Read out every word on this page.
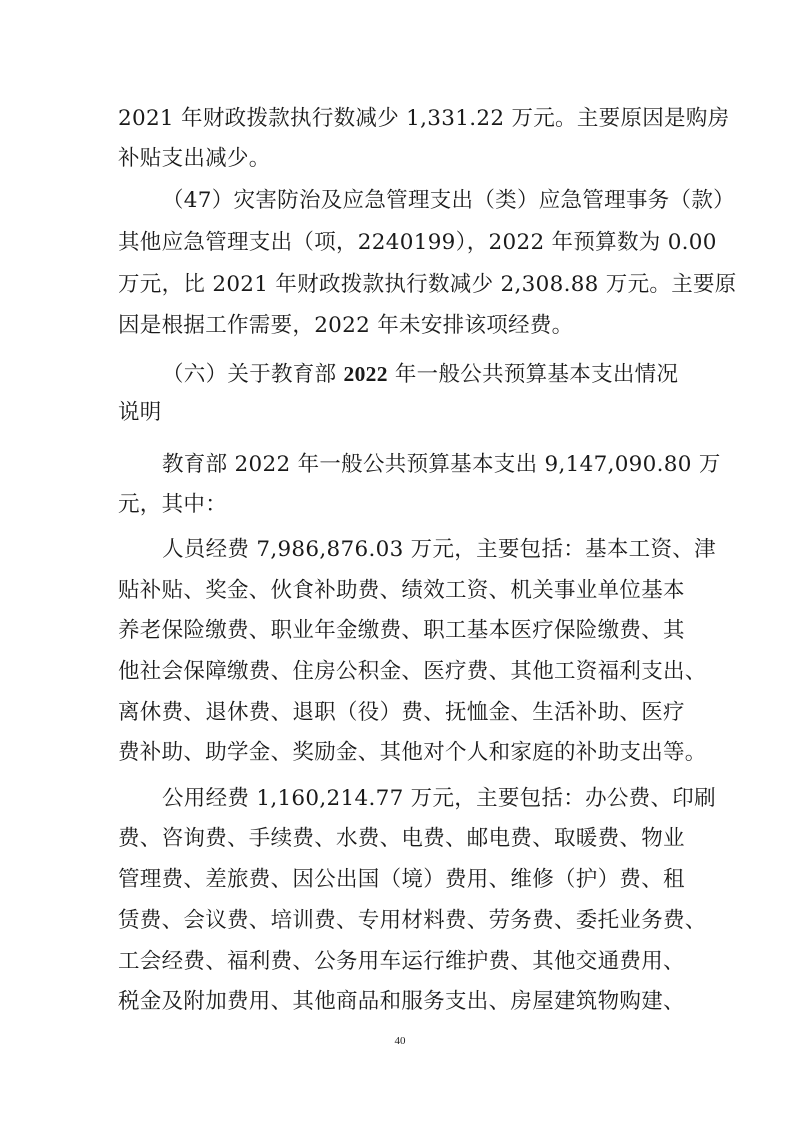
2021 年财政拨款执行数减少 1,331.22 万元。主要原因是购房
补贴支出减少。
（47）灾害防治及应急管理支出（类）应急管理事务（款）
其他应急管理支出（项，2240199），2022 年预算数为 0.00
万元，比 2021 年财政拨款执行数减少 2,308.88 万元。主要原
因是根据工作需要，2022 年未安排该项经费。
（六）关于教育部 2022 年一般公共预算基本支出情况
说明
教育部 2022 年一般公共预算基本支出 9,147,090.80 万
元，其中：
人员经费 7,986,876.03 万元，主要包括：基本工资、津
贴补贴、奖金、伙食补助费、绩效工资、机关事业单位基本
养老保险缴费、职业年金缴费、职工基本医疗保险缴费、其
他社会保障缴费、住房公积金、医疗费、其他工资福利支出、
离休费、退休费、退职（役）费、抚恤金、生活补助、医疗
费补助、助学金、奖励金、其他对个人和家庭的补助支出等。
公用经费 1,160,214.77 万元，主要包括：办公费、印刷
费、咨询费、手续费、水费、电费、邮电费、取暖费、物业
管理费、差旅费、因公出国（境）费用、维修（护）费、租
赁费、会议费、培训费、专用材料费、劳务费、委托业务费、
工会经费、福利费、公务用车运行维护费、其他交通费用、
税金及附加费用、其他商品和服务支出、房屋建筑物购建、
40
